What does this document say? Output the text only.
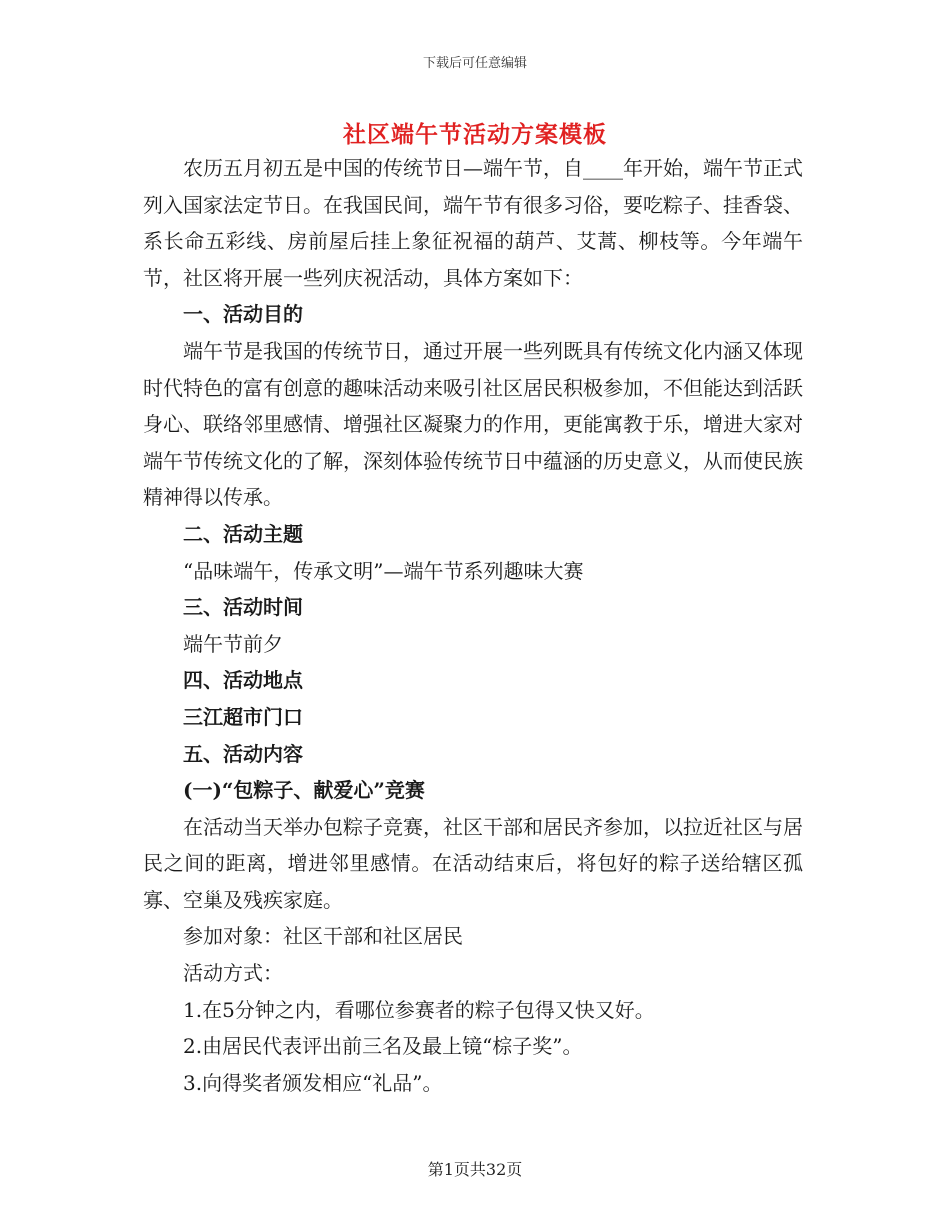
下载后可任意编辑
社区端午节活动方案模板

农历五月初五是中国的传统节日—端午节，自____年开始，端午节正式列入国家法定节日。在我国民间，端午节有很多习俗，要吃粽子、挂香袋、系长命五彩线、房前屋后挂上象征祝福的葫芦、艾蒿、柳枝等。今年端午节，社区将开展一些列庆祝活动，具体方案如下：

一、活动目的

端午节是我国的传统节日，通过开展一些列既具有传统文化内涵又体现时代特色的富有创意的趣味活动来吸引社区居民积极参加，不但能达到活跃身心、联络邻里感情、增强社区凝聚力的作用，更能寓教于乐，增进大家对端午节传统文化的了解，深刻体验传统节日中蕴涵的历史意义，从而使民族精神得以传承。

二、活动主题

“品味端午，传承文明”—端午节系列趣味大赛

三、活动时间

端午节前夕

四、活动地点

三江超市门口

五、活动内容

(一)“包粽子、献爱心”竞赛

在活动当天举办包粽子竞赛，社区干部和居民齐参加，以拉近社区与居民之间的距离，增进邻里感情。在活动结束后，将包好的粽子送给辖区孤寡、空巢及残疾家庭。

参加对象：社区干部和社区居民

活动方式：

1.在5分钟之内，看哪位参赛者的粽子包得又快又好。

2.由居民代表评出前三名及最上镜“棕子奖”。

3.向得奖者颁发相应“礼品”。

第1页共32页
